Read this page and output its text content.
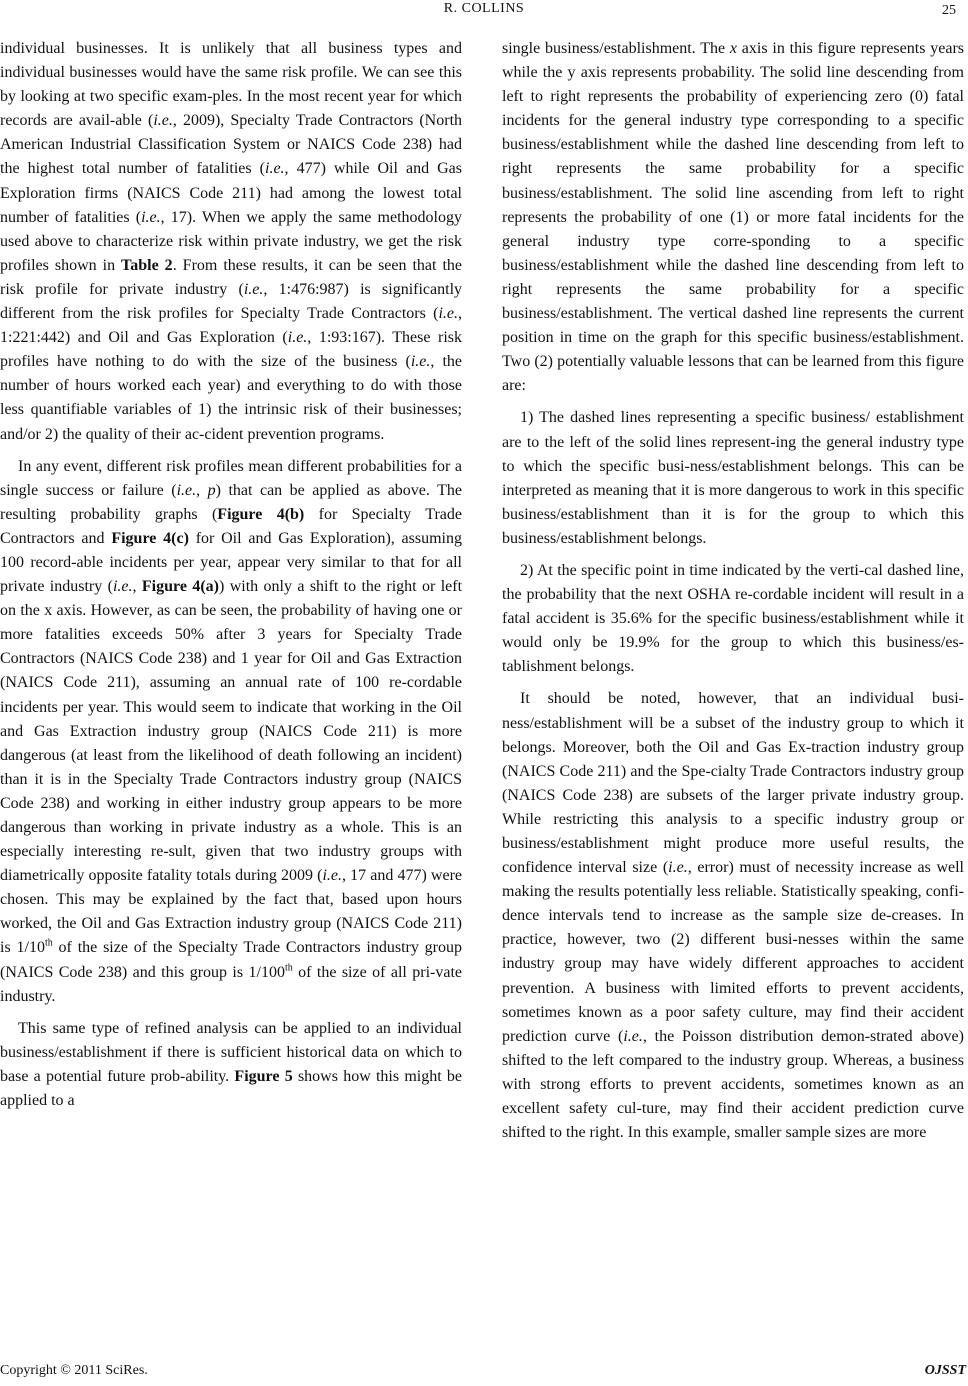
R. COLLINS	25

individual businesses. It is unlikely that all business types and individual businesses would have the same risk profile. We can see this by looking at two specific exam-ples. In the most recent year for which records are avail-able (i.e., 2009), Specialty Trade Contractors (North American Industrial Classification System or NAICS Code 238) had the highest total number of fatalities (i.e., 477) while Oil and Gas Exploration firms (NAICS Code 211) had among the lowest total number of fatalities (i.e., 17). When we apply the same methodology used above to characterize risk within private industry, we get the risk profiles shown in Table 2. From these results, it can be seen that the risk profile for private industry (i.e., 1:476:987) is significantly different from the risk profiles for Specialty Trade Contractors (i.e., 1:221:442) and Oil and Gas Exploration (i.e., 1:93:167). These risk profiles have nothing to do with the size of the business (i.e., the number of hours worked each year) and everything to do with those less quantifiable variables of 1) the intrinsic risk of their businesses; and/or 2) the quality of their ac-cident prevention programs.

In any event, different risk profiles mean different probabilities for a single success or failure (i.e., p) that can be applied as above. The resulting probability graphs (Figure 4(b) for Specialty Trade Contractors and Figure 4(c) for Oil and Gas Exploration), assuming 100 record-able incidents per year, appear very similar to that for all private industry (i.e., Figure 4(a)) with only a shift to the right or left on the x axis. However, as can be seen, the probability of having one or more fatalities exceeds 50% after 3 years for Specialty Trade Contractors (NAICS Code 238) and 1 year for Oil and Gas Extraction (NAICS Code 211), assuming an annual rate of 100 re-cordable incidents per year. This would seem to indicate that working in the Oil and Gas Extraction industry group (NAICS Code 211) is more dangerous (at least from the likelihood of death following an incident) than it is in the Specialty Trade Contractors industry group (NAICS Code 238) and working in either industry group appears to be more dangerous than working in private industry as a whole. This is an especially interesting re-sult, given that two industry groups with diametrically opposite fatality totals during 2009 (i.e., 17 and 477) were chosen. This may be explained by the fact that, based upon hours worked, the Oil and Gas Extraction industry group (NAICS Code 211) is 1/10th of the size of the Specialty Trade Contractors industry group (NAICS Code 238) and this group is 1/100th of the size of all pri-vate industry.

This same type of refined analysis can be applied to an individual business/establishment if there is sufficient historical data on which to base a potential future prob-ability. Figure 5 shows how this might be applied to a

single business/establishment. The x axis in this figure represents years while the y axis represents probability. The solid line descending from left to right represents the probability of experiencing zero (0) fatal incidents for the general industry type corresponding to a specific business/establishment while the dashed line descending from left to right represents the same probability for a specific business/establishment. The solid line ascending from left to right represents the probability of one (1) or more fatal incidents for the general industry type corre-sponding to a specific business/establishment while the dashed line descending from left to right represents the same probability for a specific business/establishment. The vertical dashed line represents the current position in time on the graph for this specific business/establishment. Two (2) potentially valuable lessons that can be learned from this figure are:

1) The dashed lines representing a specific business/ establishment are to the left of the solid lines represent-ing the general industry type to which the specific busi-ness/establishment belongs. This can be interpreted as meaning that it is more dangerous to work in this specific business/establishment than it is for the group to which this business/establishment belongs.

2) At the specific point in time indicated by the verti-cal dashed line, the probability that the next OSHA re-cordable incident will result in a fatal accident is 35.6% for the specific business/establishment while it would only be 19.9% for the group to which this business/es-tablishment belongs.

It should be noted, however, that an individual busi-ness/establishment will be a subset of the industry group to which it belongs. Moreover, both the Oil and Gas Ex-traction industry group (NAICS Code 211) and the Spe-cialty Trade Contractors industry group (NAICS Code 238) are subsets of the larger private industry group. While restricting this analysis to a specific industry group or business/establishment might produce more useful results, the confidence interval size (i.e., error) must of necessity increase as well making the results potentially less reliable. Statistically speaking, confi-dence intervals tend to increase as the sample size de-creases. In practice, however, two (2) different busi-nesses within the same industry group may have widely different approaches to accident prevention. A business with limited efforts to prevent accidents, sometimes known as a poor safety culture, may find their accident prediction curve (i.e., the Poisson distribution demon-strated above) shifted to the left compared to the industry group. Whereas, a business with strong efforts to prevent accidents, sometimes known as an excellent safety cul-ture, may find their accident prediction curve shifted to the right. In this example, smaller sample sizes are more

Copyright © 2011 SciRes.	OJSST
